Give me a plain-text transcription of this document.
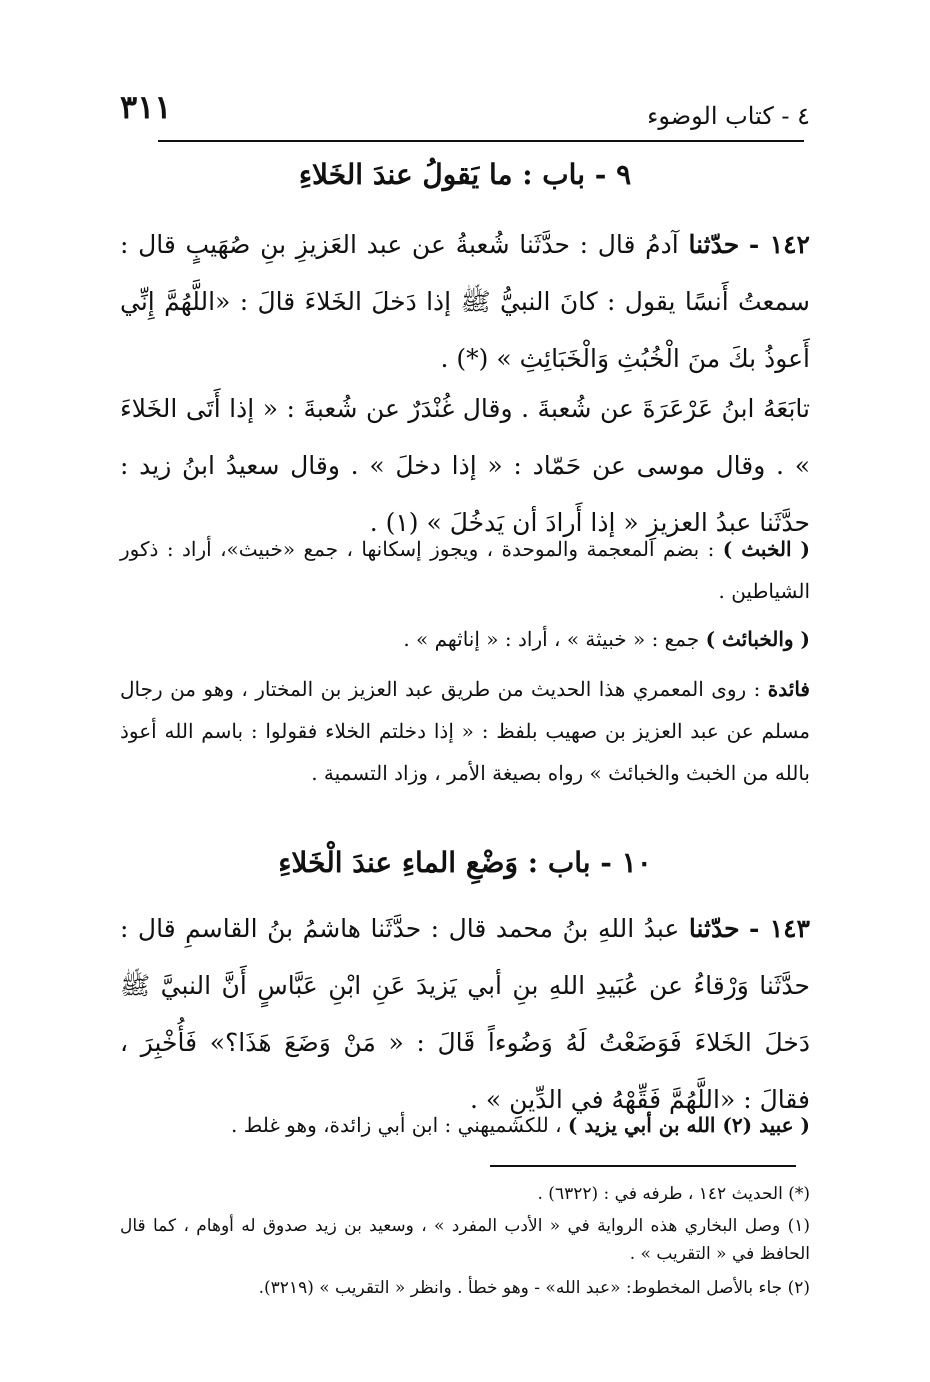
٤ - كتاب الوضوء
٣١١
٩ - باب : ما يَقولُ عندَ الخَلاءِ
١٤٢ - حدّثنا آدمُ قال : حدَّثَنا شُعبةُ عن عبد العَزيزِ بنِ صُهَيبٍ قال : سمعتُ أَنسًا يقول : كانَ النبيُّ ﷺ إذا دَخلَ الخَلاءَ قالَ : «اللَّهُمَّ إِنِّي أَعوذُ بكَ منَ الْخُبُثِ وَالْخَبَائِثِ » (*) .
تابَعَهُ ابنُ عَرْعَرَةَ عن شُعبةَ . وقال غُنْدَرٌ عن شُعبةَ : « إذا أَتَى الخَلاءَ » . وقال موسى عن حَمّاد : « إذا دخلَ » . وقال سعيدُ ابنُ زيد : حدَّثَنا عبدُ العزيزِ « إذا أَرادَ أن يَدخُلَ » (١) .
( الخبث ) : بضم المعجمة والموحدة ، ويجوز إسكانها ، جمع «خبيث»، أراد : ذكور الشياطين .
( والخبائث ) جمع : « خبيثة » ، أراد : « إناثهم » .
فائدة : روى المعمري هذا الحديث من طريق عبد العزيز بن المختار ، وهو من رجال مسلم عن عبد العزيز بن صهيب بلفظ : « إذا دخلتم الخلاء فقولوا : باسم الله أعوذ بالله من الخبث والخبائث » رواه بصيغة الأمر ، وزاد التسمية .
١٠ - باب : وَضْعِ الماءِ عندَ الْخَلاءِ
١٤٣ - حدّثنا عبدُ اللهِ بنُ محمد قال : حدَّثَنا هاشمُ بنُ القاسمِ قال : حدَّثَنا وَرْقاءُ عن عُبَيدِ اللهِ بنِ أبي يَزيدَ عَنِ ابْنِ عَبَّاسٍ أَنَّ النبيَّ ﷺ دَخلَ الخَلاءَ فَوَضَعْتُ لَهُ وَضُوءاً قَالَ : « مَنْ وَضَعَ هَذَا؟» فَأُخْبِرَ ، فقالَ : «اللَّهُمَّ فَقِّهْهُ في الدِّينِ » .
( عبيد (٢) الله بن أبي يزيد ) ، للكشميهني : ابن أبي زائدة، وهو غلط .
(*) الحديث ١٤٢ ، طرفه في : (٦٣٢٢) .
(١) وصل البخاري هذه الرواية في « الأدب المفرد » ، وسعيد بن زيد صدوق له أوهام ، كما قال الحافظ في « التقريب » .
(٢) جاء بالأصل المخطوط: «عبد الله» - وهو خطأ . وانظر « التقريب » (٣٢١٩).
